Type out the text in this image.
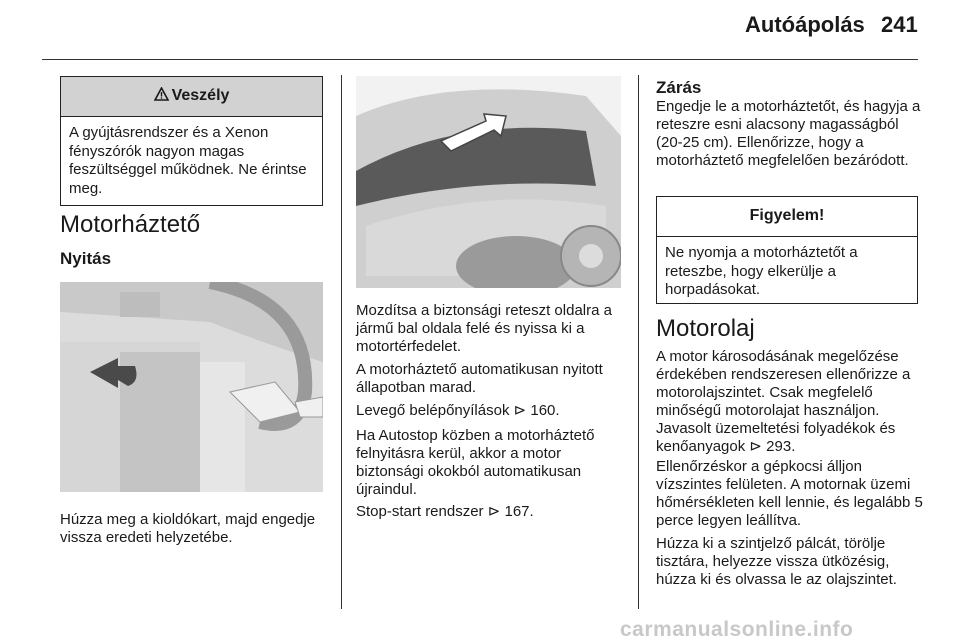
Autóápolás 241
Veszély
A gyújtásrendszer és a Xenon fényszórók nagyon magas feszültséggel működnek. Ne érintse meg.
Motorháztető
Nyitás
Húzza meg a kioldókart, majd engedje vissza eredeti helyzetébe.
Mozdítsa a biztonsági reteszt oldalra a jármű bal oldala felé és nyissa ki a motortérfedelet.
A motorháztető automatikusan nyitott állapotban marad.
Levegő belépőnyílások ⊳ 160.
Ha Autostop közben a motorháztető felnyitásra kerül, akkor a motor biztonsági okokból automatikusan újraindul.
Stop-start rendszer ⊳ 167.
Zárás
Engedje le a motorháztetőt, és hagyja a reteszre esni alacsony magasságból (20-25 cm). Ellenőrizze, hogy a motorháztető megfelelően bezáródott.
Figyelem!
Ne nyomja a motorháztetőt a reteszbe, hogy elkerülje a horpadásokat.
Motorolaj
A motor károsodásának megelőzése érdekében rendszeresen ellenőrizze a motorolajszintet. Csak megfelelő minőségű motorolajat használjon. Javasolt üzemeltetési folyadékok és kenőanyagok ⊳ 293.
Ellenőrzéskor a gépkocsi álljon vízszintes felületen. A motornak üzemi hőmérsékleten kell lennie, és legalább 5 perce legyen leállítva.
Húzza ki a szintjelző pálcát, törölje tisztára, helyezze vissza ütközésig, húzza ki és olvassa le az olajszintet.
carmanualsonline.info
